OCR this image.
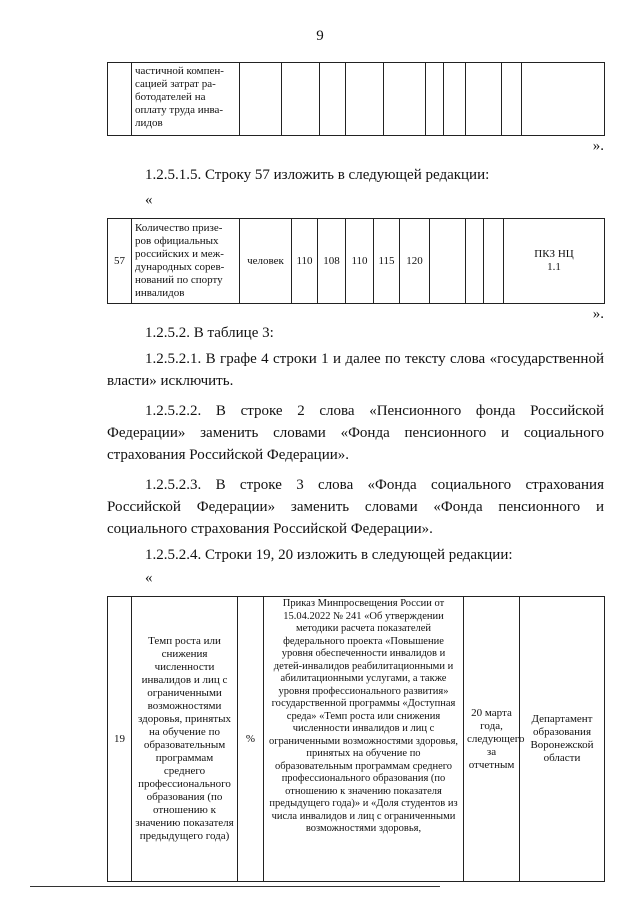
9
	частичной компен-
сацией затрат ра-
ботодателей на
оплату труда инва-
лидов										
».
1.2.5.1.5. Строку 57 изложить в следующей редакции:
«
57	Количество призе-
ров официальных
российских и меж-
дународных сорев-
нований по спорту
инвалидов	человек	110	108	110	115	120				ПКЗ НЦ
1.1
».
1.2.5.2. В таблице 3:
1.2.5.2.1. В графе 4 строки 1 и далее по тексту слова «государственной власти» исключить.
1.2.5.2.2. В строке 2 слова «Пенсионного фонда Российской Федерации» заменить словами «Фонда пенсионного и социального страхования Российской Федерации».
1.2.5.2.3. В строке 3 слова «Фонда социального страхования Российской Федерации» заменить словами «Фонда пенсионного и социального страхования Российской Федерации».
1.2.5.2.4. Строки 19, 20 изложить в следующей редакции:
«
19	Темп роста или снижения численности инвалидов и лиц с ограниченными возможностями здоровья, принятых на обучение по образовательным программам среднего профессионального образования (по отношению к значению показателя предыдущего года)	%	Приказ Минпросвещения России от 15.04.2022 № 241 «Об утверждении методики расчета показателей федерального проекта «Повышение уровня обеспеченности инвалидов и детей-инвалидов реабилитационными и абилитационными услугами, а также уровня профессионального развития» государственной программы «Доступная среда» «Темп роста или снижения численности инвалидов и лиц с ограниченными возможностями здоровья, принятых на обучение по образовательным программам среднего профессионального образования (по отношению к значению показателя предыдущего года)» и «Доля студентов из числа инвалидов и лиц с ограниченными возможностями здоровья,	20 марта года, следующего за отчетным	Департамент образования Воронежской области
